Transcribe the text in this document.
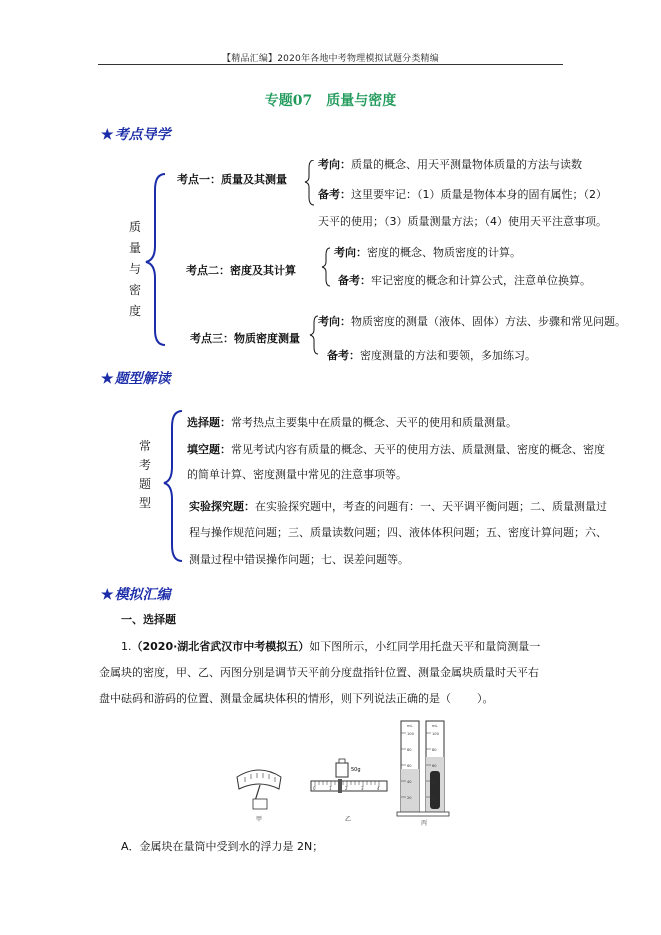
【精品汇编】2020年各地中考物理模拟试题分类精编
专题07　质量与密度
★考点导学
质
量
与
密
度
考点一：质量及其测量
考向：质量的概念、用天平测量物体质量的方法与读数
备考：这里要牢记：（1）质量是物体本身的固有属性；（2）
天平的使用；（3）质量测量方法；（4）使用天平注意事项。
考点二：密度及其计算
考向：密度的概念、物质密度的计算。
备考：牢记密度的概念和计算公式，注意单位换算。
考点三：物质密度测量
考向：物质密度的测量（液体、固体）方法、步骤和常见问题。
备考：密度测量的方法和要领，多加练习。
★题型解读
常
考
题
型
选择题：常考热点主要集中在质量的概念、天平的使用和质量测量。
填空题：常见考试内容有质量的概念、天平的使用方法、质量测量、密度的概念、密度
的简单计算、密度测量中常见的注意事项等。
实验探究题：在实验探究题中，考查的问题有：一、天平调平衡问题；二、质量测量过
程与操作规范问题；三、质量读数问题；四、液体体积问题；五、密度计算问题；六、
测量过程中错误操作问题；七、误差问题等。
★模拟汇编
一、选择题
1.（2020·湖北省武汉市中考模拟五）如下图所示，小红同学用托盘天平和量筒测量一
金属块的密度，甲、乙、丙图分别是调节天平前分度盘指针位置、测量金属块质量时天平右
盘中砝码和游码的位置、测量金属块体积的情形，则下列说法正确的是（ ）。
50g
0	1	2	3	4
mL	mL
100
80
60
40
20
100
80
60
40
20
甲	乙
丙
A．金属块在量筒中受到水的浮力是 2N；
